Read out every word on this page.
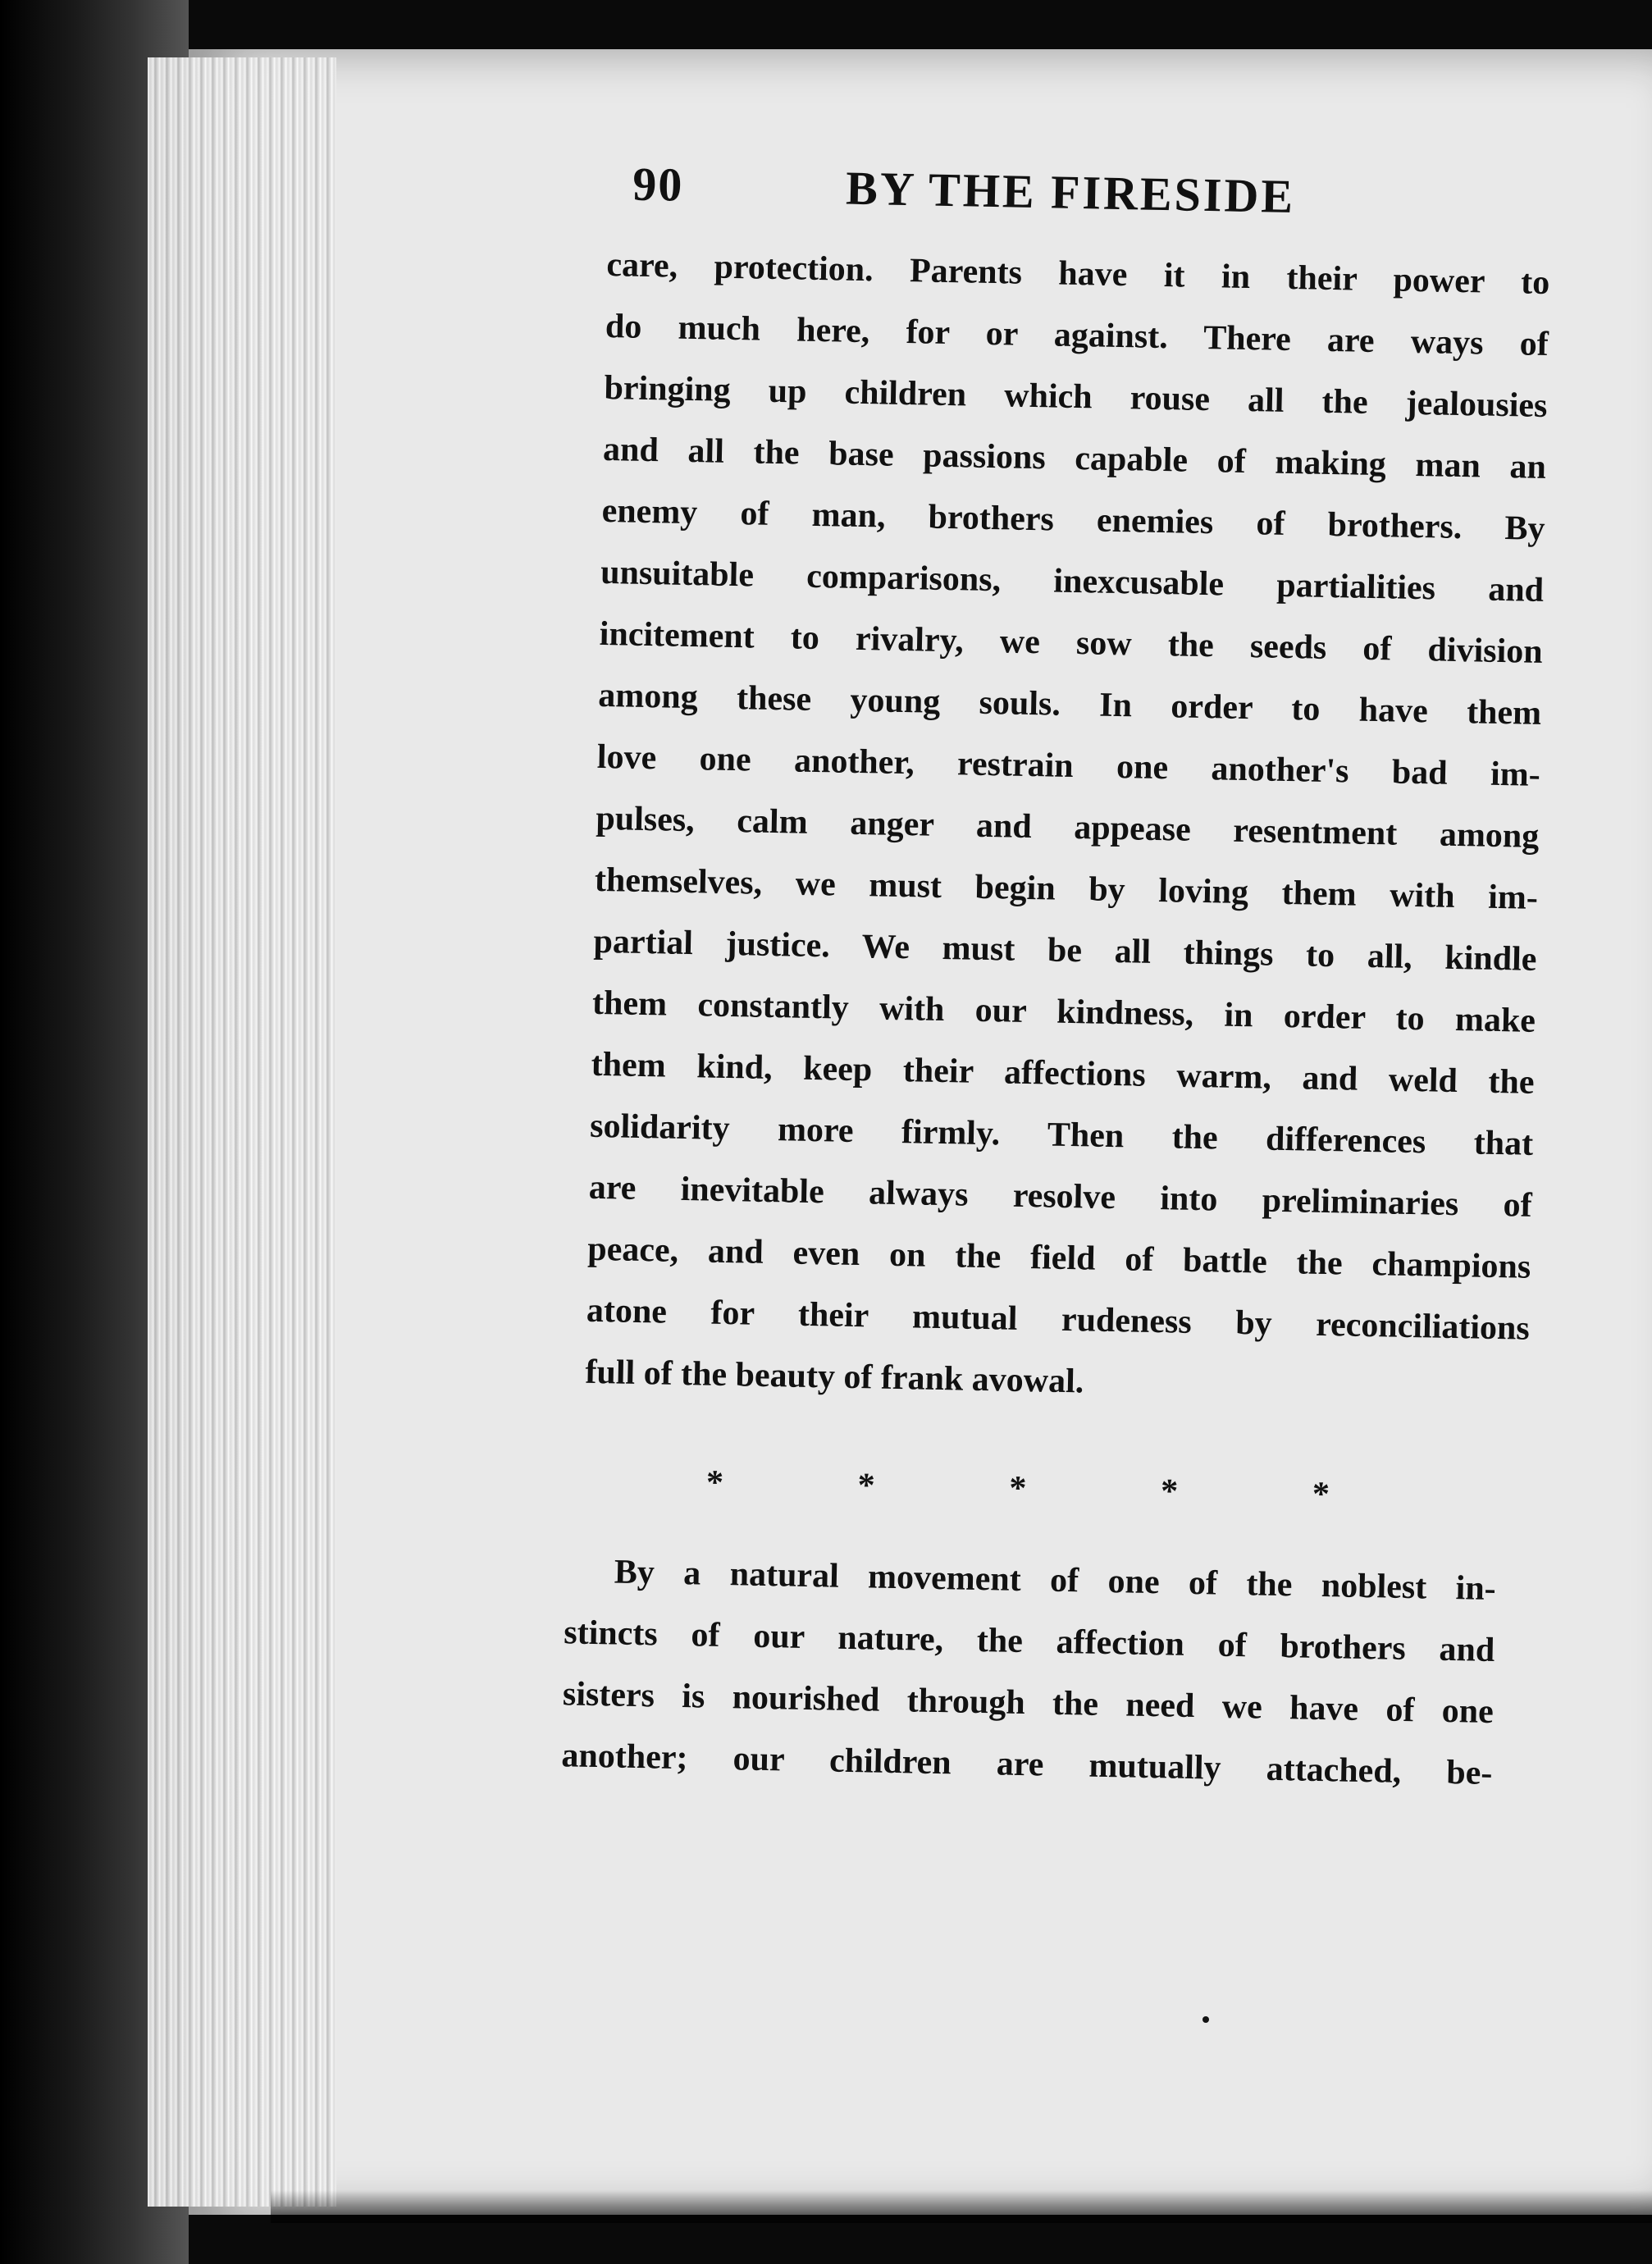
90	BY THE FIRESIDE

care, protection. Parents have it in their power to
do much here, for or against. There are ways of
bringing up children which rouse all the jealousies
and all the base passions capable of making man an
enemy of man, brothers enemies of brothers. By
unsuitable comparisons, inexcusable partialities and
incitement to rivalry, we sow the seeds of division
among these young souls. In order to have them
love one another, restrain one another's bad im-
pulses, calm anger and appease resentment among
themselves, we must begin by loving them with im-
partial justice. We must be all things to all, kindle
them constantly with our kindness, in order to make
them kind, keep their affections warm, and weld the
solidarity more firmly. Then the differences that
are inevitable always resolve into preliminaries of
peace, and even on the field of battle the champions
atone for their mutual rudeness by reconciliations
full of the beauty of frank avowal.

*	*	*	*	*

By a natural movement of one of the noblest in-
stincts of our nature, the affection of brothers and
sisters is nourished through the need we have of one
another; our children are mutually attached, be-
